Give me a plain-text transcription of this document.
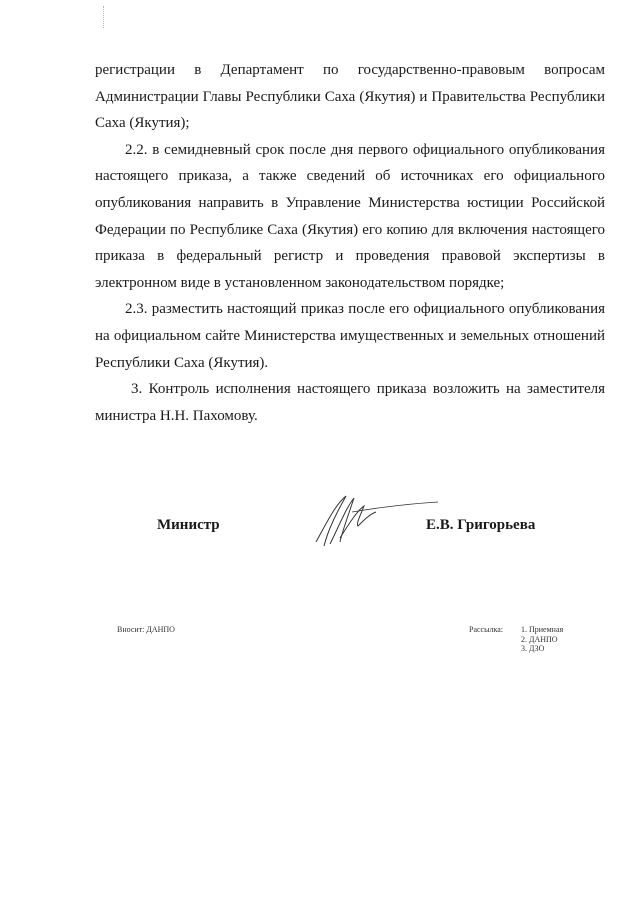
регистрации в Департамент по государственно-правовым вопросам Администрации Главы Республики Саха (Якутия) и Правительства Республики Саха (Якутия);

2.2. в семидневный срок после дня первого официального опубликования настоящего приказа, а также сведений об источниках его официального опубликования направить в Управление Министерства юстиции Российской Федерации по Республике Саха (Якутия) его копию для включения настоящего приказа в федеральный регистр и проведения правовой экспертизы в электронном виде в установленном законодательством порядке;

2.3. разместить настоящий приказ после его официального опубликования на официальном сайте Министерства имущественных и земельных отношений Республики Саха (Якутия).

3. Контроль исполнения настоящего приказа возложить на заместителя министра Н.Н. Пахомову.

Министр	Е.В. Григорьева
Вносит: ДАНПО	Рассылка: 1. Приемная
2. ДАНПО
3. ДЗО
